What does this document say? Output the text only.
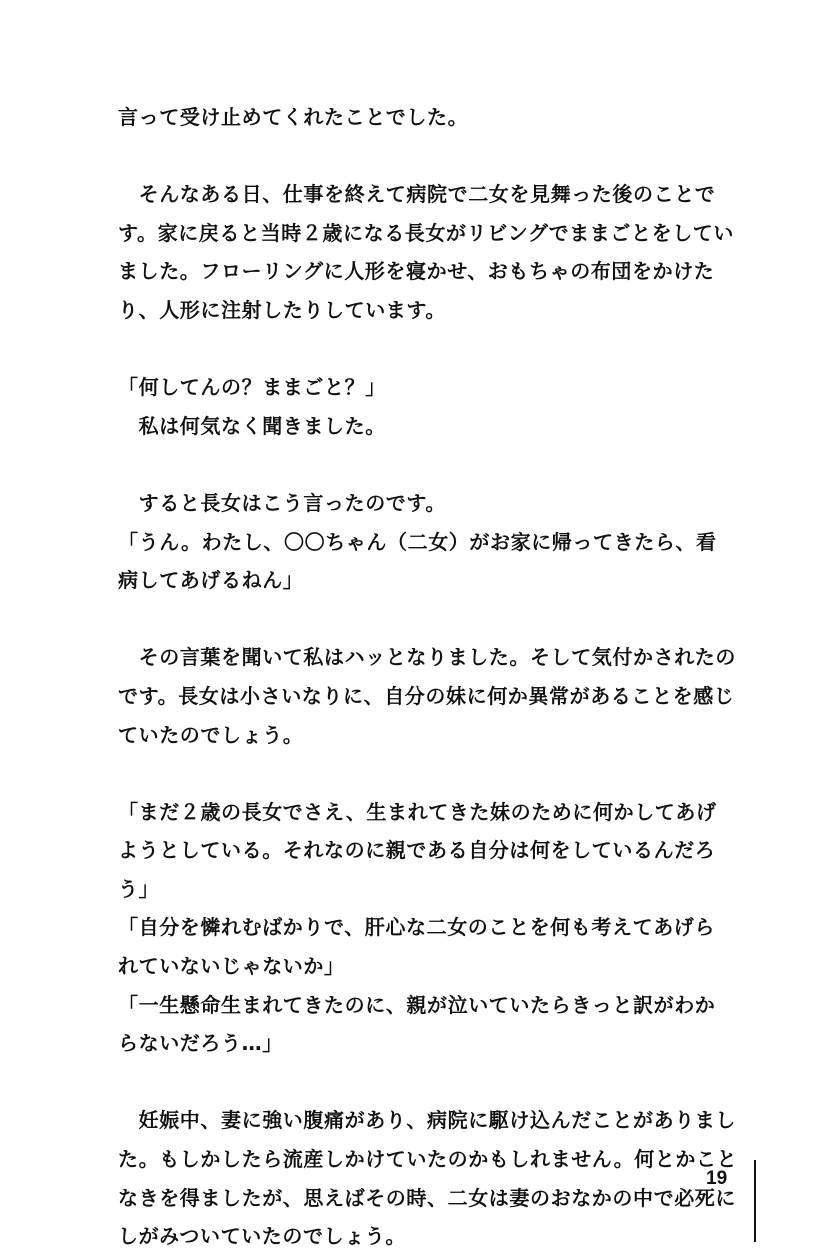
言って受け止めてくれたことでした。
　そんなある日、仕事を終えて病院で二女を見舞った後のことで
す。家に戻ると当時２歳になる長女がリビングでままごとをしてい
ました。フローリングに人形を寝かせ、おもちゃの布団をかけた
り、人形に注射したりしています。
「何してんの？ままごと？」
　私は何気なく聞きました。
　すると長女はこう言ったのです。
「うん。わたし、〇〇ちゃん（二女）がお家に帰ってきたら、看
病してあげるねん」
　その言葉を聞いて私はハッとなりました。そして気付かされたの
です。長女は小さいなりに、自分の妹に何か異常があることを感じ
ていたのでしょう。
「まだ２歳の長女でさえ、生まれてきた妹のために何かしてあげ
ようとしている。それなのに親である自分は何をしているんだろ
う」
「自分を憐れむばかりで、肝心な二女のことを何も考えてあげら
れていないじゃないか」
「一生懸命生まれてきたのに、親が泣いていたらきっと訳がわか
らないだろう…」
　妊娠中、妻に強い腹痛があり、病院に駆け込んだことがありまし
た。もしかしたら流産しかけていたのかもしれません。何とかこと
なきを得ましたが、思えばその時、二女は妻のおなかの中で必死に
しがみついていたのでしょう。
19
